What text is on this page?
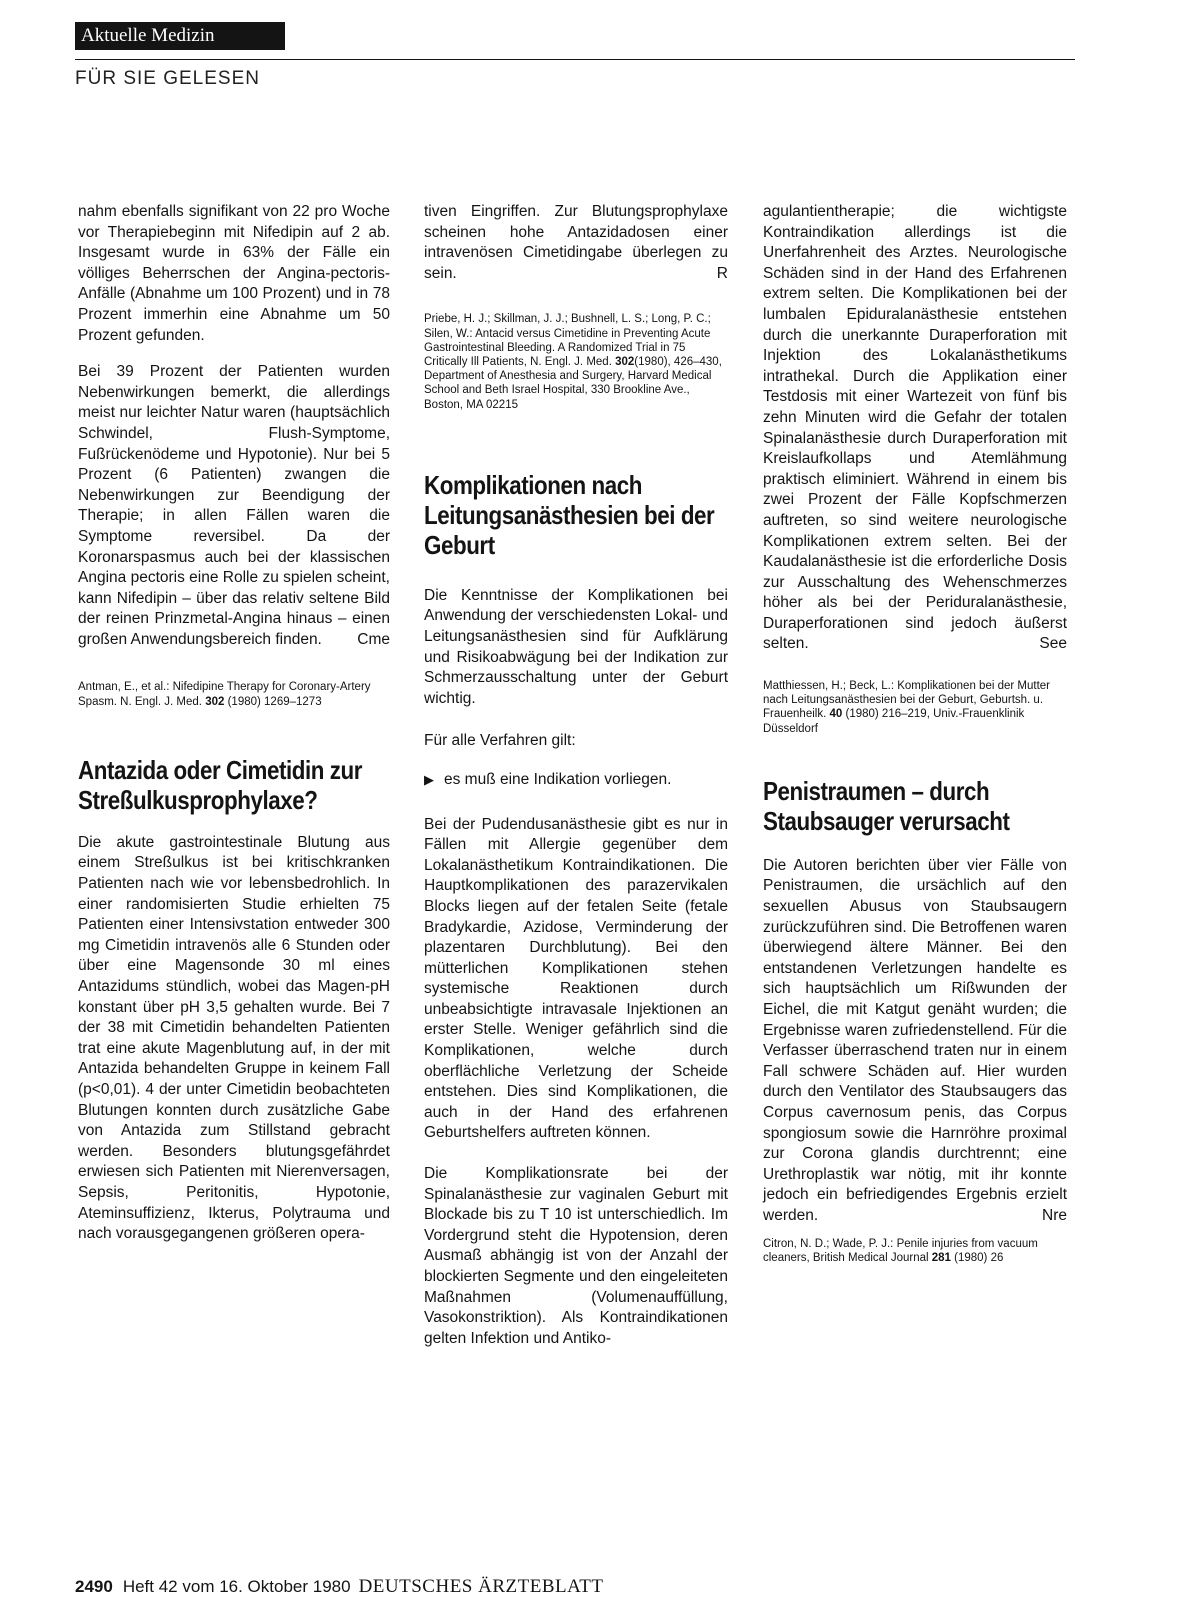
Aktuelle Medizin
FÜR SIE GELESEN

nahm ebenfalls signifikant von 22 pro Woche vor Therapiebeginn mit Nifedipin auf 2 ab. Insgesamt wurde in 63% der Fälle ein völliges Beherrschen der Angina-pectoris-Anfälle (Abnahme um 100 Prozent) und in 78 Prozent immerhin eine Abnahme um 50 Prozent gefunden.

Bei 39 Prozent der Patienten wurden Nebenwirkungen bemerkt, die allerdings meist nur leichter Natur waren (hauptsächlich Schwindel, Flush-Symptome, Fußrückenödeme und Hypotonie). Nur bei 5 Prozent (6 Patienten) zwangen die Nebenwirkungen zur Beendigung der Therapie; in allen Fällen waren die Symptome reversibel. Da der Koronarspasmus auch bei der klassischen Angina pectoris eine Rolle zu spielen scheint, kann Nifedipin – über das relativ seltene Bild der reinen Prinzmetal-Angina hinaus – einen großen Anwendungsbereich finden. Cme

Antman, E., et al.: Nifedipine Therapy for Coronary-Artery Spasm. N. Engl. J. Med. 302 (1980) 1269–1273
Antazida oder Cimetidin zur Streßulkusprophylaxe?

Die akute gastrointestinale Blutung aus einem Streßulkus ist bei kritischkranken Patienten nach wie vor lebensbedrohlich. In einer randomisierten Studie erhielten 75 Patienten einer Intensivstation entweder 300 mg Cimetidin intravenös alle 6 Stunden oder über eine Magensonde 30 ml eines Antazidums stündlich, wobei das Magen-pH konstant über pH 3,5 gehalten wurde. Bei 7 der 38 mit Cimetidin behandelten Patienten trat eine akute Magenblutung auf, in der mit Antazida behandelten Gruppe in keinem Fall (p<0,01). 4 der unter Cimetidin beobachteten Blutungen konnten durch zusätzliche Gabe von Antazida zum Stillstand gebracht werden. Besonders blutungsgefährdet erwiesen sich Patienten mit Nierenversagen, Sepsis, Peritonitis, Hypotonie, Ateminsuffizienz, Ikterus, Polytrauma und nach vorausgegangenen größeren opera-

tiven Eingriffen. Zur Blutungsprophylaxe scheinen hohe Antazidadosen einer intravenösen Cimetidingabe überlegen zu sein.	R

Priebe, H. J.; Skillman, J. J.; Bushnell, L. S.; Long, P. C.; Silen, W.: Antacid versus Cimetidine in Preventing Acute Gastrointestinal Bleeding. A Randomized Trial in 75 Critically Ill Patients, N. Engl. J. Med. 302(1980), 426–430, Department of Anesthesia and Surgery, Harvard Medical School and Beth Israel Hospital, 330 Brookline Ave., Boston, MA 02215
Komplikationen nach Leitungsanästhesien bei der Geburt

Die Kenntnisse der Komplikationen bei Anwendung der verschiedensten Lokal- und Leitungsanästhesien sind für Aufklärung und Risikoabwägung bei der Indikation zur Schmerzausschaltung unter der Geburt wichtig.

Für alle Verfahren gilt:

▶ es muß eine Indikation vorliegen.

Bei der Pudendusanästhesie gibt es nur in Fällen mit Allergie gegenüber dem Lokalanästhetikum Kontraindikationen. Die Hauptkomplikationen des parazervikalen Blocks liegen auf der fetalen Seite (fetale Bradykardie, Azidose, Verminderung der plazentaren Durchblutung). Bei den mütterlichen Komplikationen stehen systemische Reaktionen durch unbeabsichtigte intravasale Injektionen an erster Stelle. Weniger gefährlich sind die Komplikationen, welche durch oberflächliche Verletzung der Scheide entstehen. Dies sind Komplikationen, die auch in der Hand des erfahrenen Geburtshelfers auftreten können.

Die Komplikationsrate bei der Spinalanästhesie zur vaginalen Geburt mit Blockade bis zu T 10 ist unterschiedlich. Im Vordergrund steht die Hypotension, deren Ausmaß abhängig ist von der Anzahl der blockierten Segmente und den eingeleiteten Maßnahmen (Volumenauffüllung, Vasokonstriktion). Als Kontraindikationen gelten Infektion und Antiko-

agulantientherapie; die wichtigste Kontraindikation allerdings ist die Unerfahrenheit des Arztes. Neurologische Schäden sind in der Hand des Erfahrenen extrem selten. Die Komplikationen bei der lumbalen Epiduralanästhesie entstehen durch die unerkannte Duraperforation mit Injektion des Lokalanästhetikums intrathekal. Durch die Applikation einer Testdosis mit einer Wartezeit von fünf bis zehn Minuten wird die Gefahr der totalen Spinalanästhesie durch Duraperforation mit Kreislaufkollaps und Atemlähmung praktisch eliminiert. Während in einem bis zwei Prozent der Fälle Kopfschmerzen auftreten, so sind weitere neurologische Komplikationen extrem selten. Bei der Kaudalanästhesie ist die erforderliche Dosis zur Ausschaltung des Wehenschmerzes höher als bei der Periduralanästhesie, Duraperforationen sind jedoch äußerst selten.	See

Matthiessen, H.; Beck, L.: Komplikationen bei der Mutter nach Leitungsanästhesien bei der Geburt, Geburtsh. u. Frauenheilk. 40 (1980) 216–219, Univ.-Frauenklinik Düsseldorf
Penistraumen – durch Staubsauger verursacht

Die Autoren berichten über vier Fälle von Penistraumen, die ursächlich auf den sexuellen Abusus von Staubsaugern zurückzuführen sind. Die Betroffenen waren überwiegend ältere Männer. Bei den entstandenen Verletzungen handelte es sich hauptsächlich um Rißwunden der Eichel, die mit Katgut genäht wurden; die Ergebnisse waren zufriedenstellend. Für die Verfasser überraschend traten nur in einem Fall schwere Schäden auf. Hier wurden durch den Ventilator des Staubsaugers das Corpus cavernosum penis, das Corpus spongiosum sowie die Harnröhre proximal zur Corona glandis durchtrennt; eine Urethroplastik war nötig, mit ihr konnte jedoch ein befriedigendes Ergebnis erzielt werden.	Nre

Citron, N. D.; Wade, P. J.: Penile injuries from vacuum cleaners, British Medical Journal 281 (1980) 26
2490 Heft 42 vom 16. Oktober 1980 DEUTSCHES ÄRZTEBLATT
